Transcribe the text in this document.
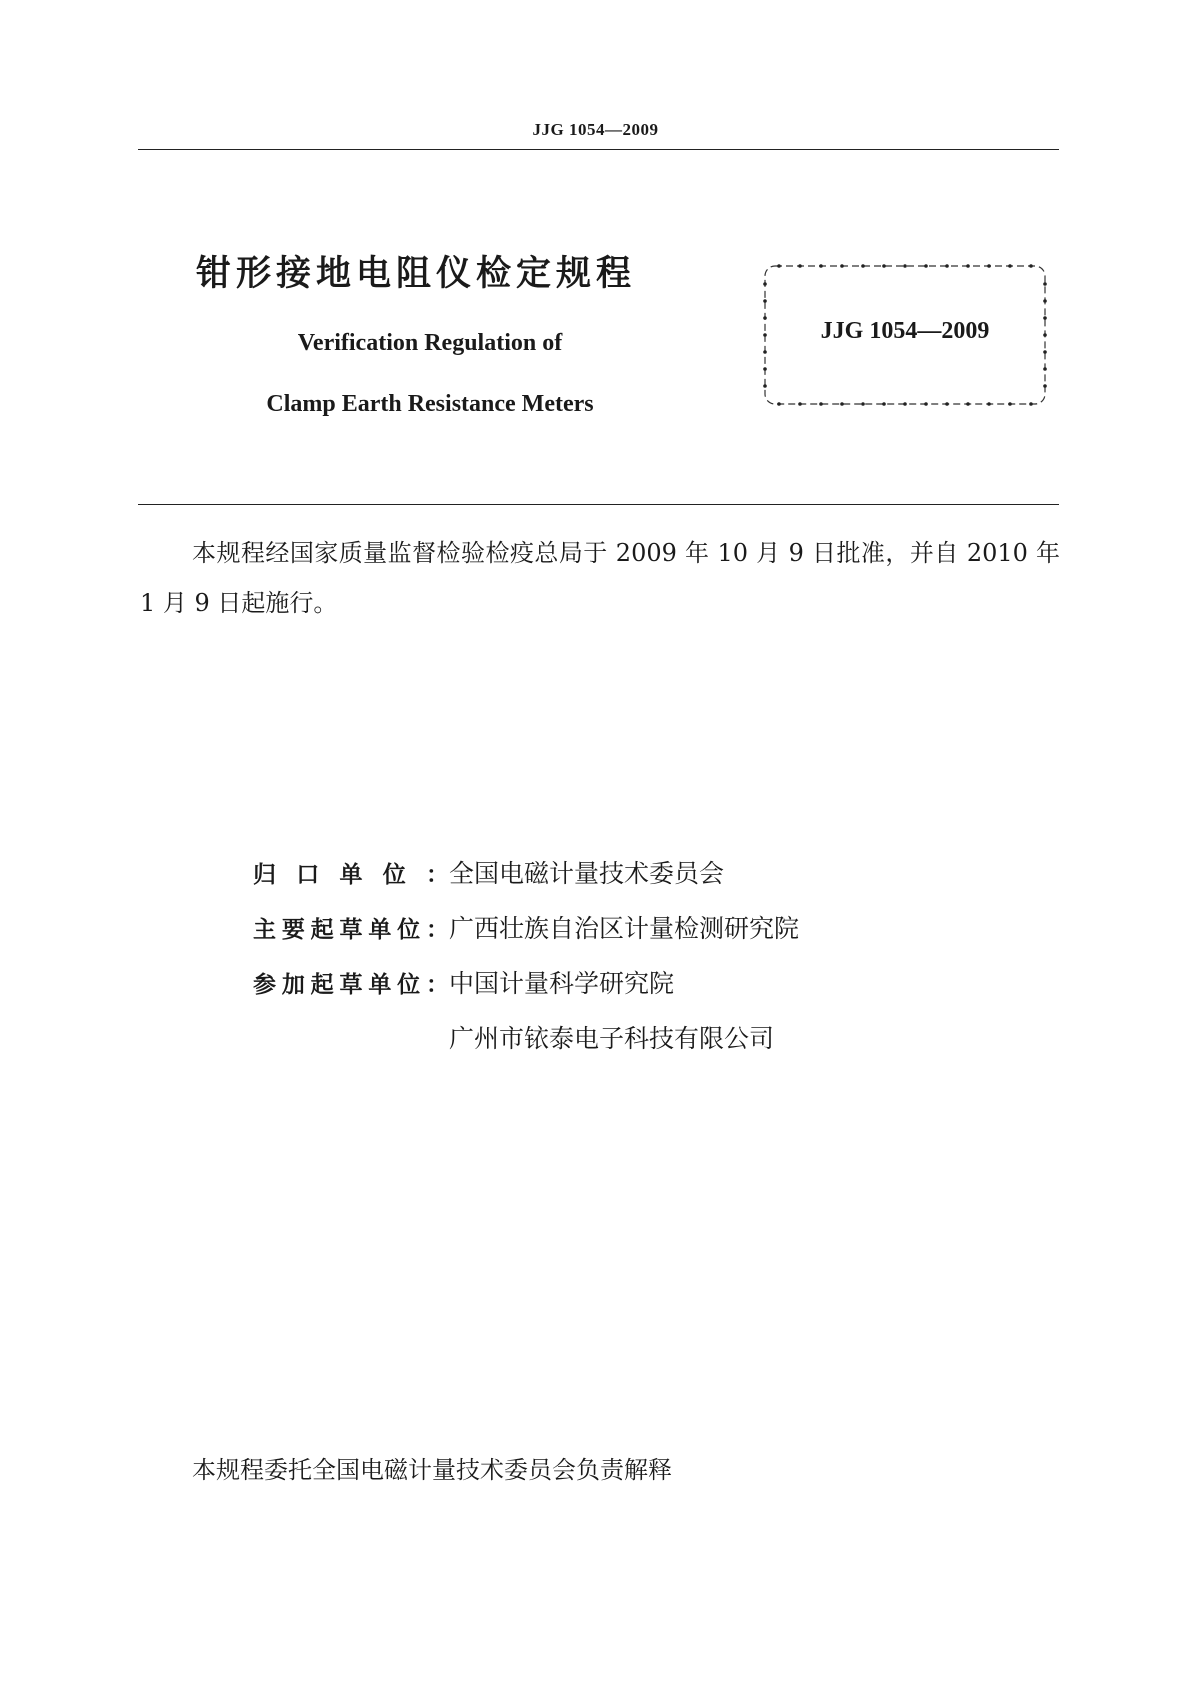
JJG 1054—2009
钳形接地电阻仪检定规程
Verification Regulation of
Clamp Earth Resistance Meters
JJG 1054—2009
本规程经国家质量监督检验检疫总局于 2009 年 10 月 9 日批准，并自 2010 年 1 月 9 日起施行。
归口单位：全国电磁计量技术委员会
主要起草单位：广西壮族自治区计量检测研究院
参加起草单位：中国计量科学研究院
广州市铱泰电子科技有限公司
本规程委托全国电磁计量技术委员会负责解释
